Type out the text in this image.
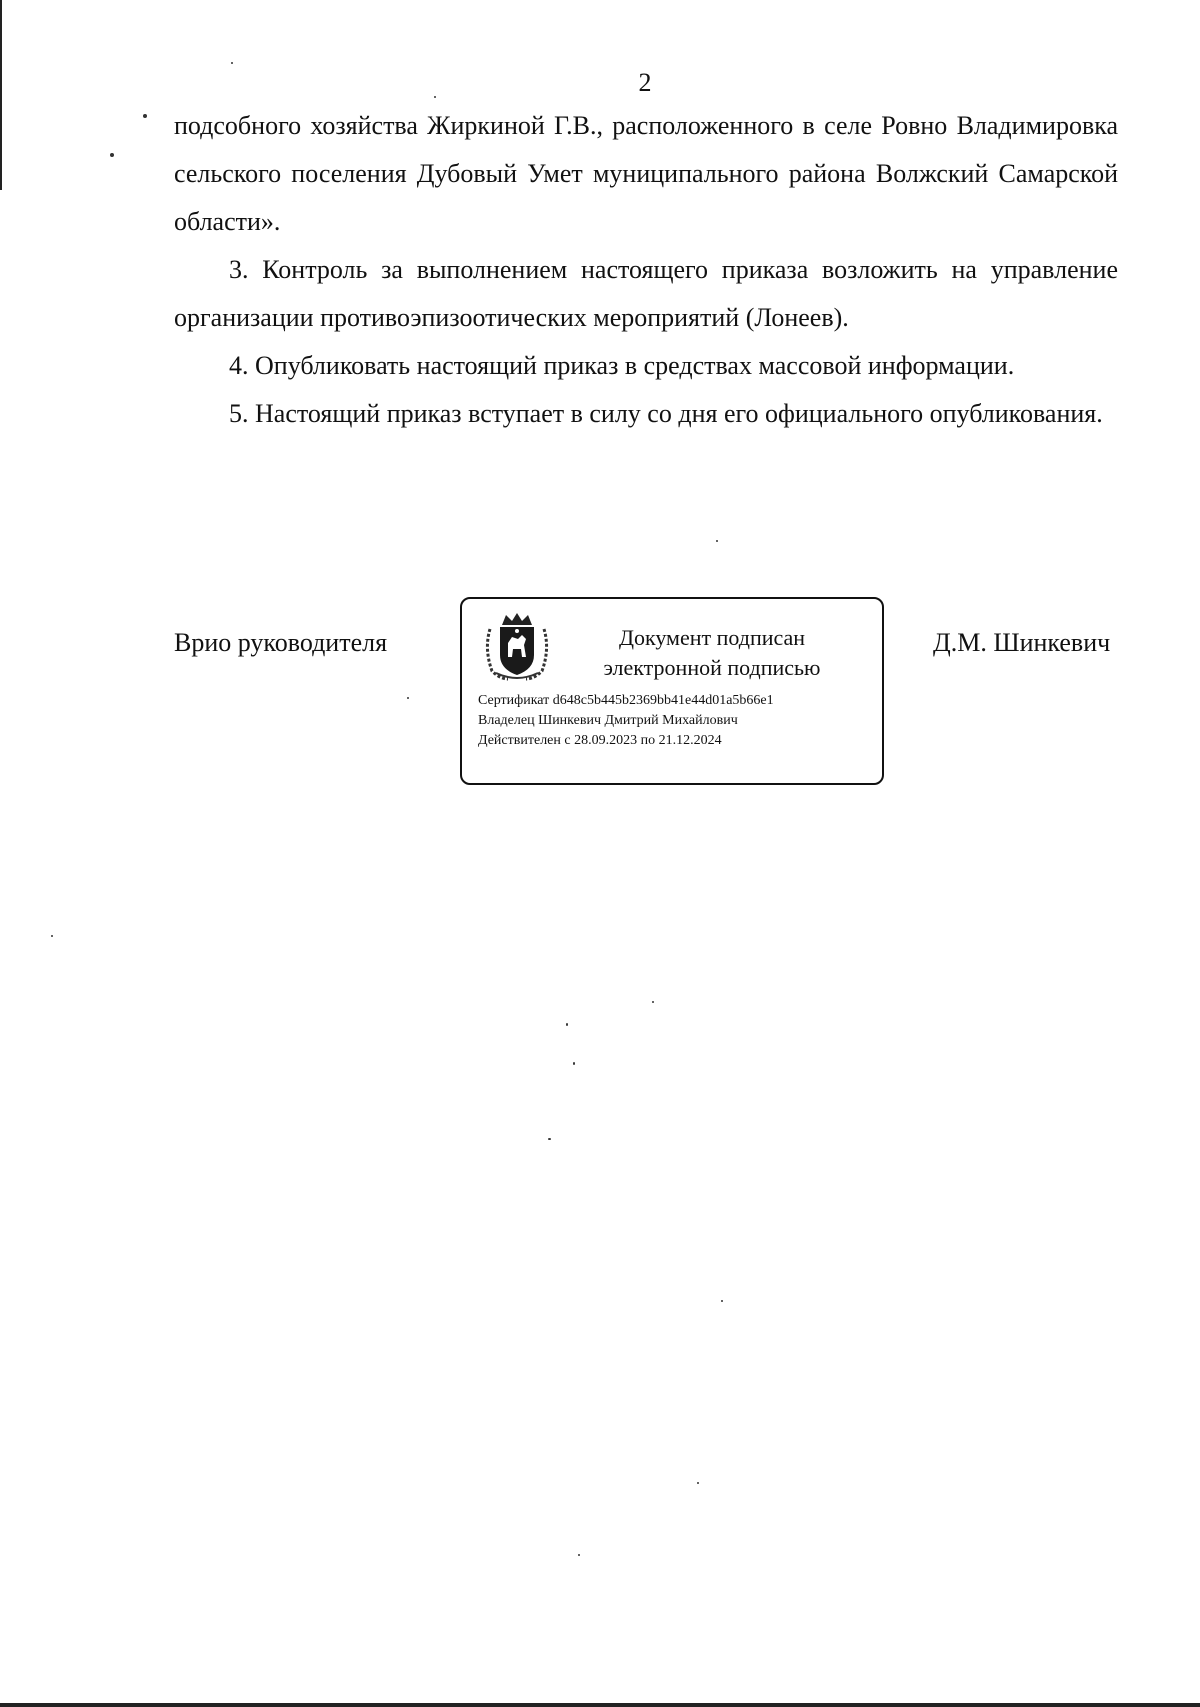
2

подсобного хозяйства Жиркиной Г.В., расположенного в селе Ровно Владимировка сельского поселения Дубовый Умет муниципального района Волжский Самарской области».

3. Контроль за выполнением настоящего приказа возложить на управление организации противоэпизоотических мероприятий (Лонеев).

4. Опубликовать настоящий приказ в средствах массовой информации.

5. Настоящий приказ вступает в силу со дня его официального опубликования.

Врио руководителя	Д.М. Шинкевич
Документ подписан
электронной подписью
Сертификат d648c5b445b2369bb41e44d01a5b66e1
Владелец Шинкевич Дмитрий Михайлович
Действителен с 28.09.2023 по 21.12.2024
